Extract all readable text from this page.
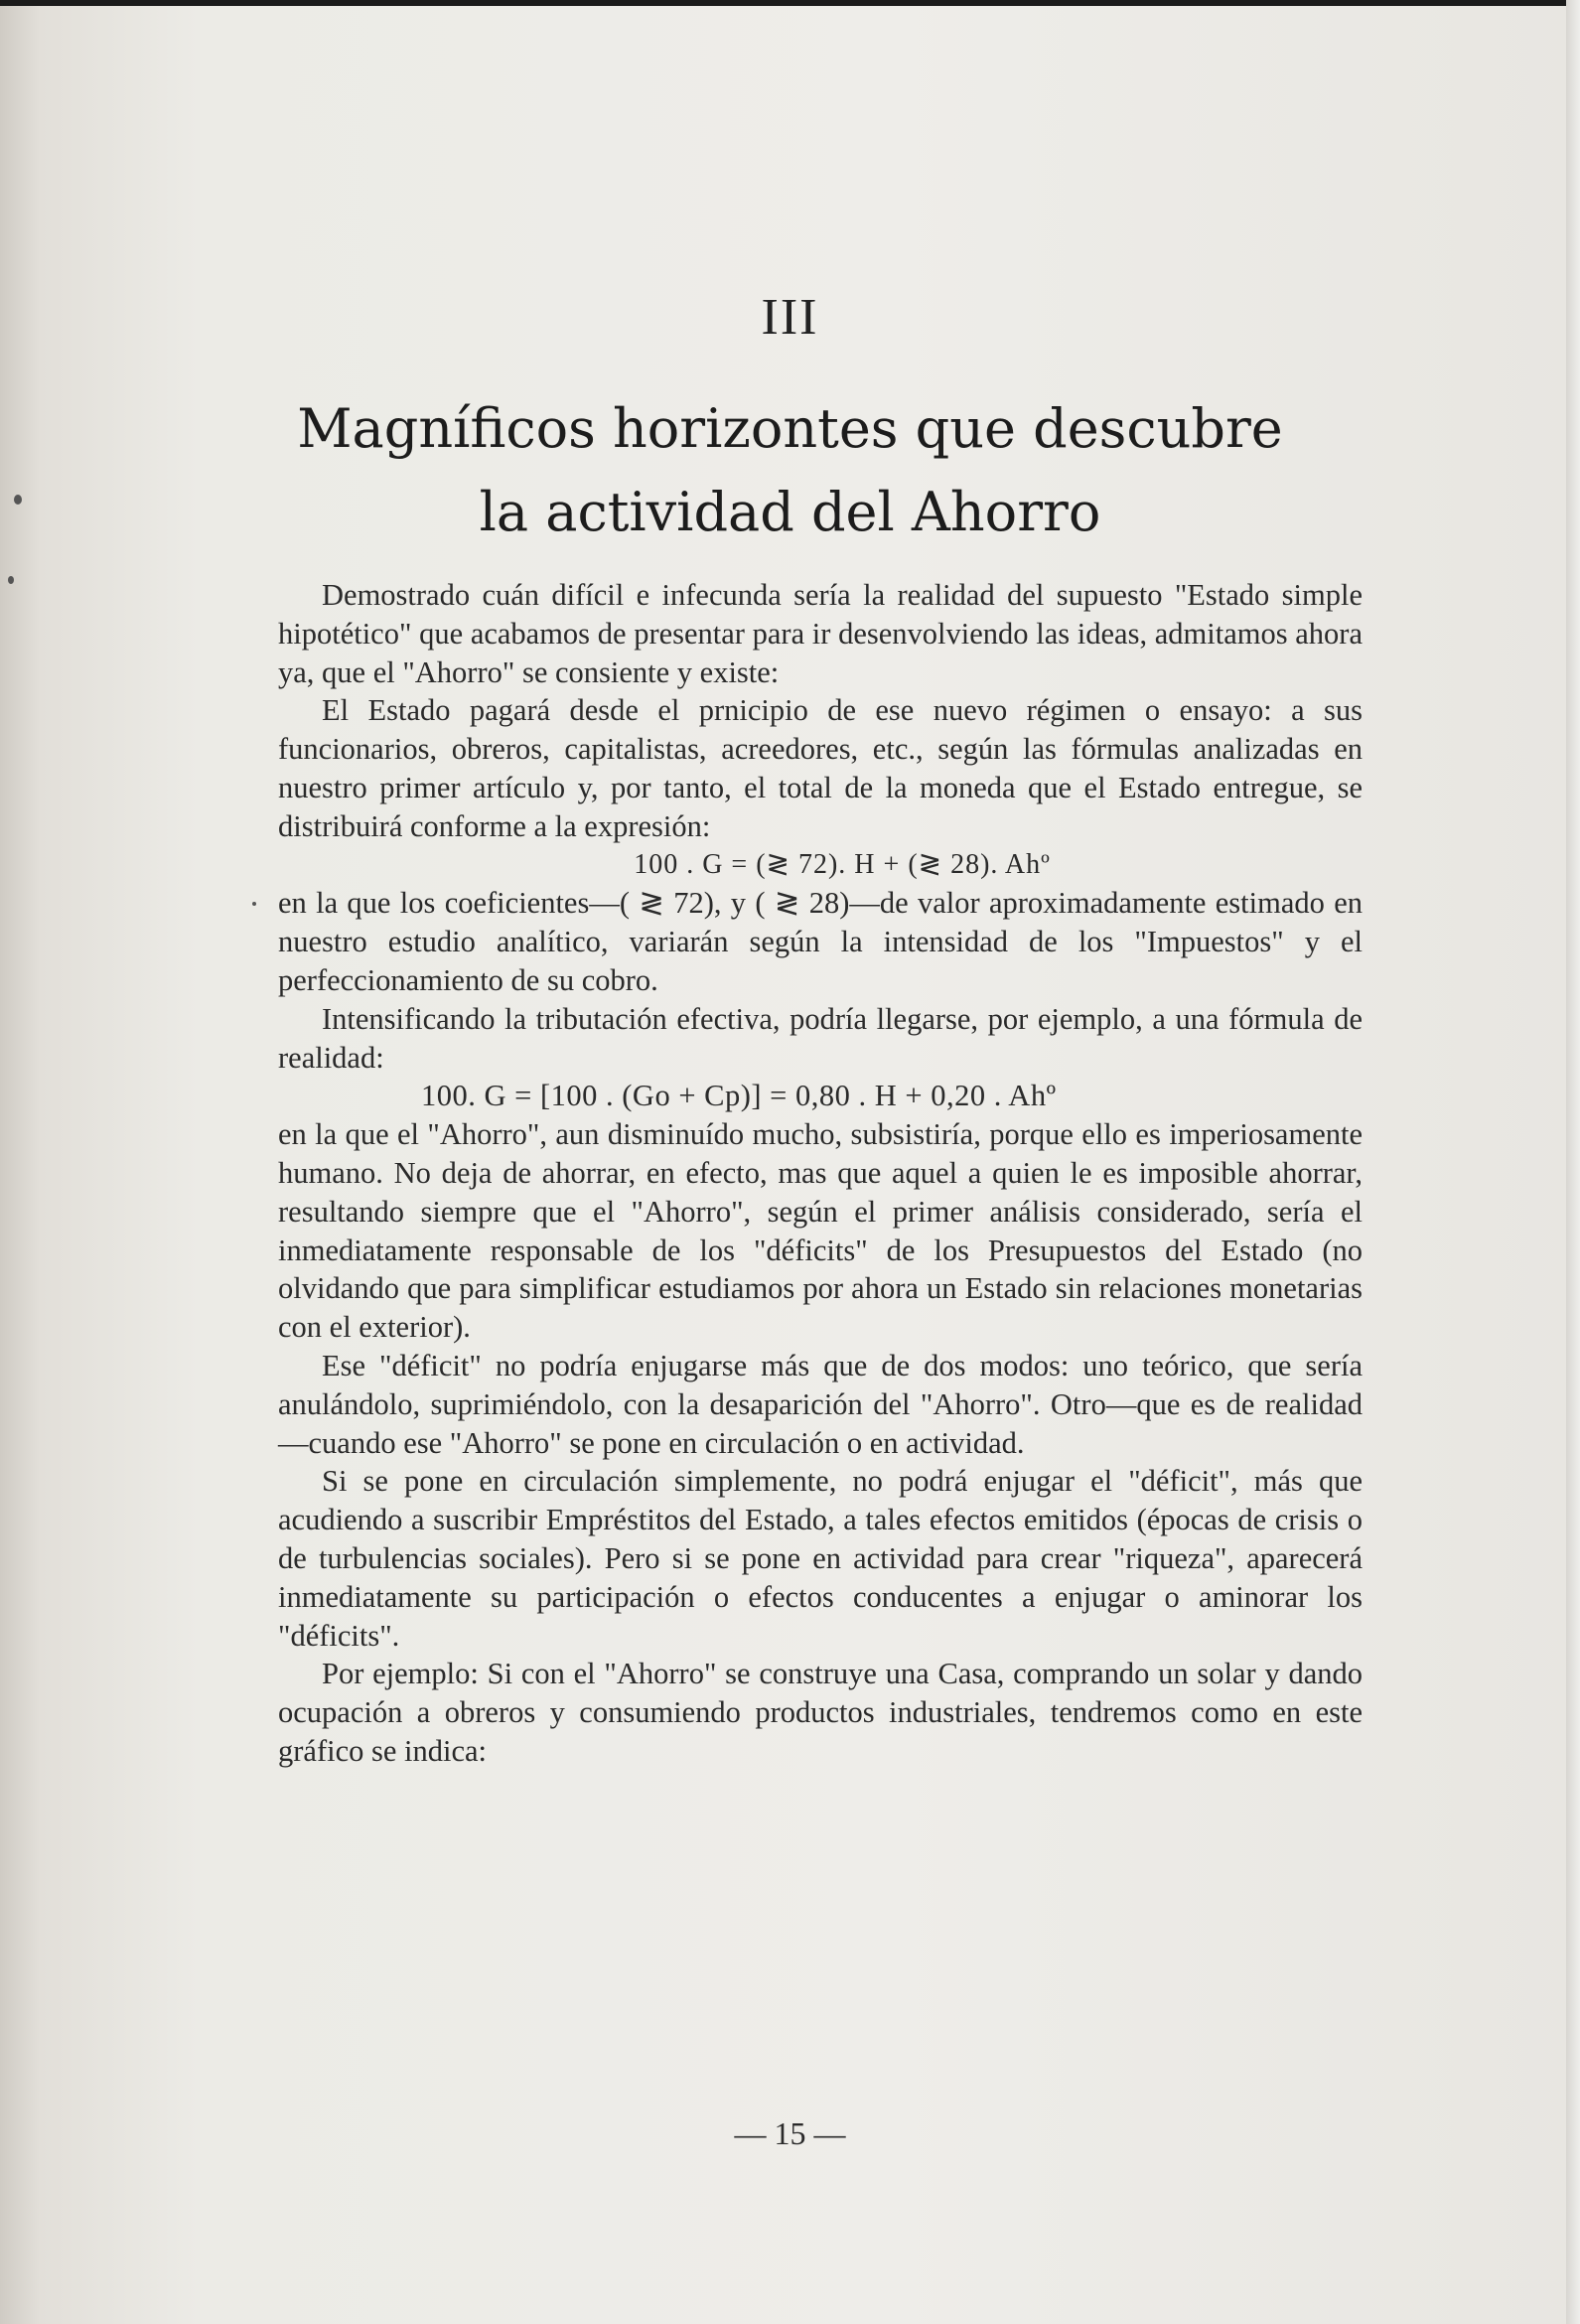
III
Magníficos horizontes que descubre
la actividad del Ahorro

Demostrado cuán difícil e infecunda sería la realidad del supuesto "Estado simple hipotético" que acabamos de presentar para ir desenvolviendo las ideas, admitamos ahora ya, que el "Ahorro" se consiente y existe:

El Estado pagará desde el prnicipio de ese nuevo régimen o ensayo: a sus funcionarios, obreros, capitalistas, acreedores, etc., según las fórmulas analizadas en nuestro primer artículo y, por tanto, el total de la moneda que el Estado entregue, se distribuirá conforme a la expresión:

100 . G = (≷ 72). H + (≷ 28). Ahº

en la que los coeficientes—( ≷ 72), y ( ≷ 28)—de valor aproximadamente estimado en nuestro estudio analítico, variarán según la intensidad de los "Impuestos" y el perfeccionamiento de su cobro.

Intensificando la tributación efectiva, podría llegarse, por ejemplo, a una fórmula de realidad:

100. G = [100 . (Go + Cp)] = 0,80 . H + 0,20 . Ahº

en la que el "Ahorro", aun disminuído mucho, subsistiría, porque ello es imperiosamente humano. No deja de ahorrar, en efecto, mas que aquel a quien le es imposible ahorrar, resultando siempre que el "Ahorro", según el primer análisis considerado, sería el inmediatamente responsable de los "déficits" de los Presupuestos del Estado (no olvidando que para simplificar estudiamos por ahora un Estado sin relaciones monetarias con el exterior).

Ese "déficit" no podría enjugarse más que de dos modos: uno teórico, que sería anulándolo, suprimiéndolo, con la desaparición del "Ahorro". Otro—que es de realidad—cuando ese "Ahorro" se pone en circulación o en actividad.

Si se pone en circulación simplemente, no podrá enjugar el "déficit", más que acudiendo a suscribir Empréstitos del Estado, a tales efectos emitidos (épocas de crisis o de turbulencias sociales). Pero si se pone en actividad para crear "riqueza", aparecerá inmediatamente su participación o efectos conducentes a enjugar o aminorar los "déficits".

Por ejemplo: Si con el "Ahorro" se construye una Casa, comprando un solar y dando ocupación a obreros y consumiendo productos industriales, tendremos como en este gráfico se indica:

— 15 —
